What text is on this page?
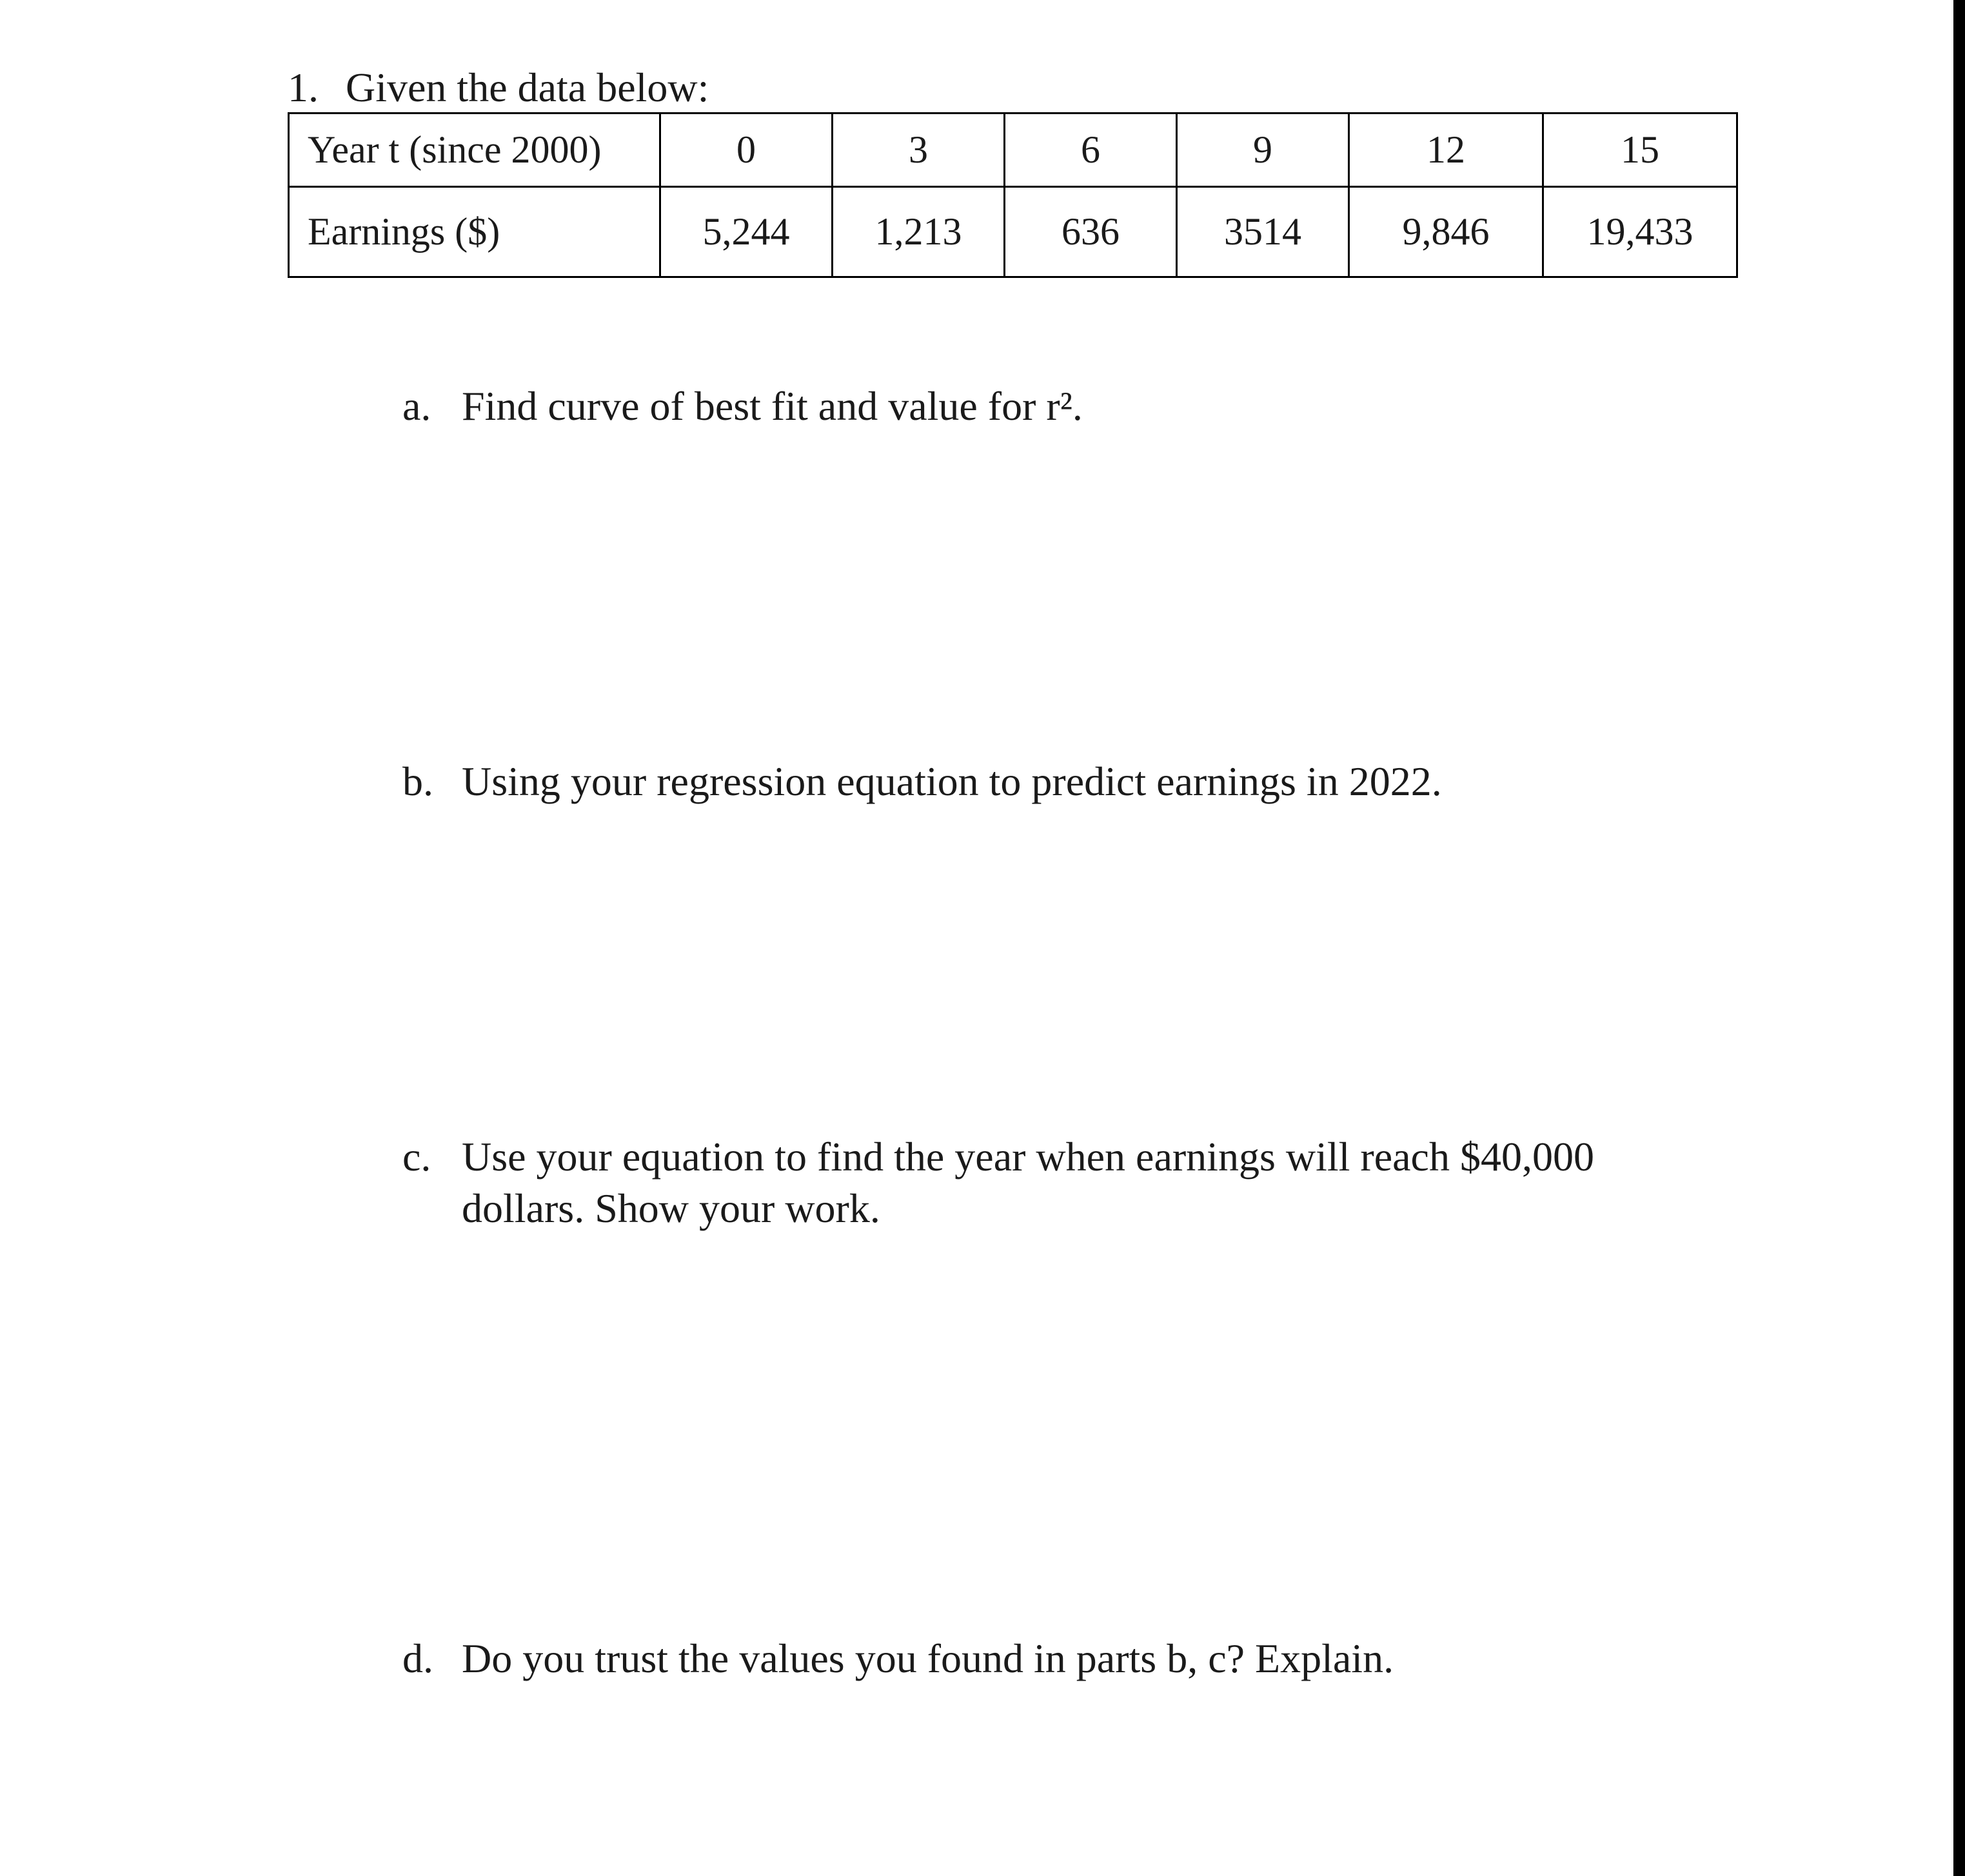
1. Given the data below:
Year t (since 2000)	0	3	6	9	12	15
Earnings ($)	5,244	1,213	636	3514	9,846	19,433
a. Find curve of best fit and value for r².
b. Using your regression equation to predict earnings in 2022.
c. Use your equation to find the year when earnings will reach $40,000
dollars. Show your work.
d. Do you trust the values you found in parts b, c? Explain.
